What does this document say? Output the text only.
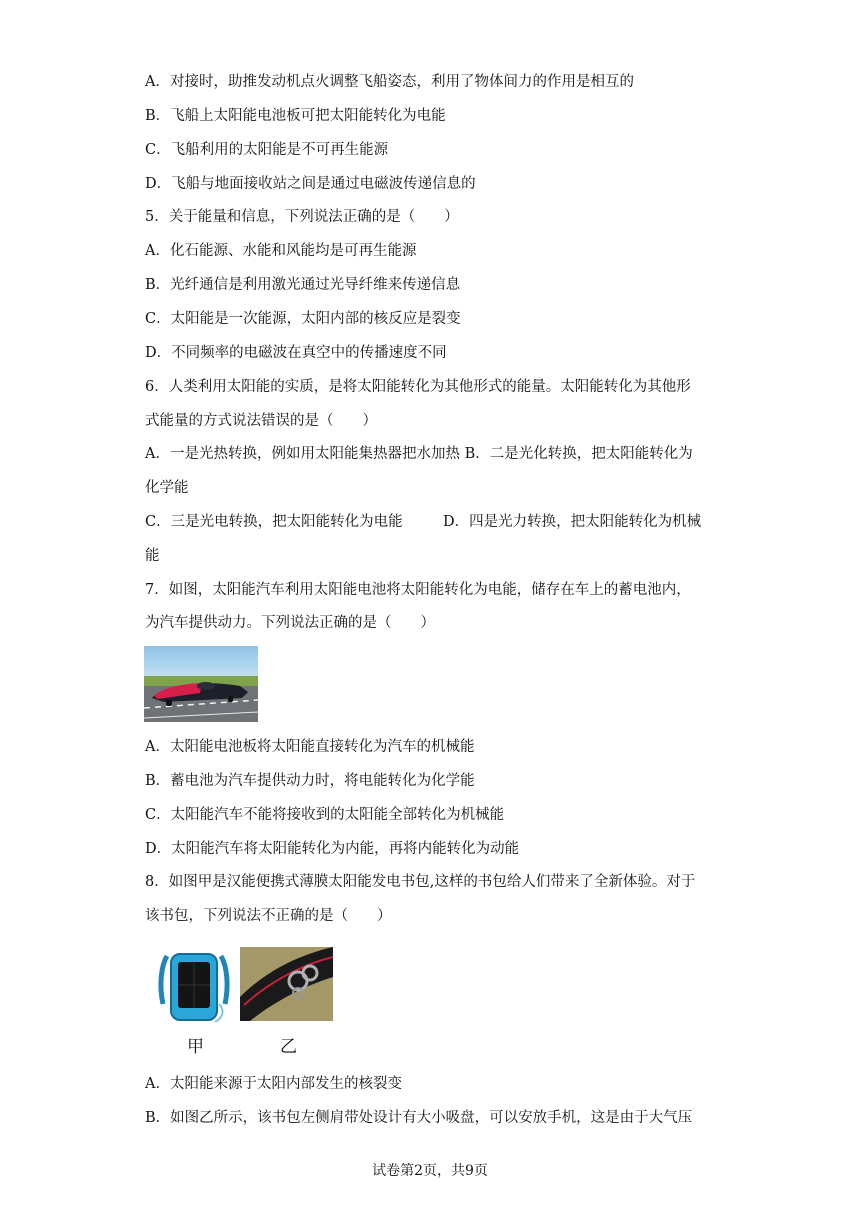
A．对接时，助推发动机点火调整飞船姿态，利用了物体间力的作用是相互的
B．飞船上太阳能电池板可把太阳能转化为电能
C．飞船利用的太阳能是不可再生能源
D．飞船与地面接收站之间是通过电磁波传递信息的
5．关于能量和信息，下列说法正确的是（　　）
A．化石能源、水能和风能均是可再生能源
B．光纤通信是利用激光通过光导纤维来传递信息
C．太阳能是一次能源，太阳内部的核反应是裂变
D．不同频率的电磁波在真空中的传播速度不同
6．人类利用太阳能的实质，是将太阳能转化为其他形式的能量。太阳能转化为其他形
式能量的方式说法错误的是（　　）
A．一是光热转换，例如用太阳能集热器把水加热 B．二是光化转换，把太阳能转化为
化学能
C．三是光电转换，把太阳能转化为电能	D．四是光力转换，把太阳能转化为机械
能
7．如图，太阳能汽车利用太阳能电池将太阳能转化为电能，储存在车上的蓄电池内，
为汽车提供动力。下列说法正确的是（　　）
A．太阳能电池板将太阳能直接转化为汽车的机械能
B．蓄电池为汽车提供动力时，将电能转化为化学能
C．太阳能汽车不能将接收到的太阳能全部转化为机械能
D．太阳能汽车将太阳能转化为内能，再将内能转化为动能
8．如图甲是汉能便携式薄膜太阳能发电书包,这样的书包给人们带来了全新体验。对于
该书包，下列说法不正确的是（　　）
甲	乙
A．太阳能来源于太阳内部发生的核裂变
B．如图乙所示，该书包左侧肩带处设计有大小吸盘，可以安放手机，这是由于大气压
试卷第2页，共9页
